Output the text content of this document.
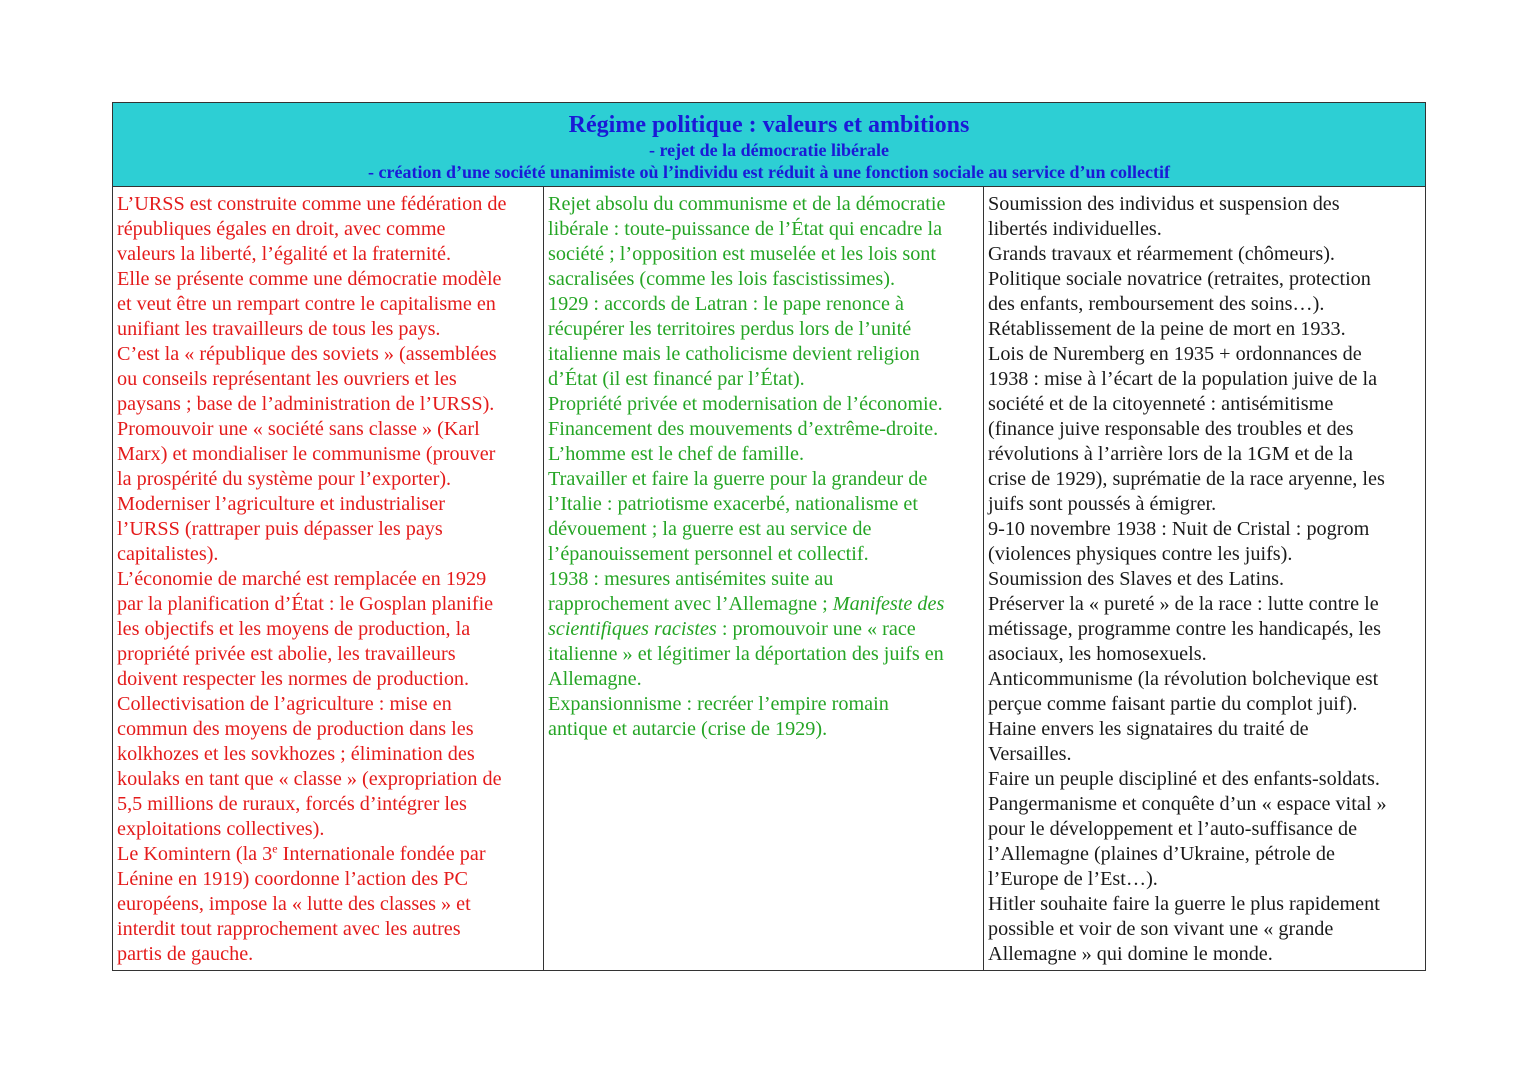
Régime politique : valeurs et ambitions
- rejet de la démocratie libérale
- création d’une société unanimiste où l’individu est réduit à une fonction sociale au service d’un collectif

L’URSS est construite comme une fédération de
républiques égales en droit, avec comme
valeurs la liberté, l’égalité et la fraternité.
Elle se présente comme une démocratie modèle
et veut être un rempart contre le capitalisme en
unifiant les travailleurs de tous les pays.
C’est la « république des soviets » (assemblées
ou conseils représentant les ouvriers et les
paysans ; base de l’administration de l’URSS).
Promouvoir une « société sans classe » (Karl
Marx) et mondialiser le communisme (prouver
la prospérité du système pour l’exporter).
Moderniser l’agriculture et industrialiser
l’URSS (rattraper puis dépasser les pays
capitalistes).
L’économie de marché est remplacée en 1929
par la planification d’État : le Gosplan planifie
les objectifs et les moyens de production, la
propriété privée est abolie, les travailleurs
doivent respecter les normes de production.
Collectivisation de l’agriculture : mise en
commun des moyens de production dans les
kolkhozes et les sovkhozes ; élimination des
koulaks en tant que « classe » (expropriation de
5,5 millions de ruraux, forcés d’intégrer les
exploitations collectives).
Le Komintern (la 3e Internationale fondée par
Lénine en 1919) coordonne l’action des PC
européens, impose la « lutte des classes » et
interdit tout rapprochement avec les autres
partis de gauche.

Rejet absolu du communisme et de la démocratie
libérale : toute-puissance de l’État qui encadre la
société ; l’opposition est muselée et les lois sont
sacralisées (comme les lois fascistissimes).
1929 : accords de Latran : le pape renonce à
récupérer les territoires perdus lors de l’unité
italienne mais le catholicisme devient religion
d’État (il est financé par l’État).
Propriété privée et modernisation de l’économie.
Financement des mouvements d’extrême-droite.
L’homme est le chef de famille.
Travailler et faire la guerre pour la grandeur de
l’Italie : patriotisme exacerbé, nationalisme et
dévouement ; la guerre est au service de
l’épanouissement personnel et collectif.
1938 : mesures antisémites suite au
rapprochement avec l’Allemagne ; Manifeste des
scientifiques racistes : promouvoir une « race
italienne » et légitimer la déportation des juifs en
Allemagne.
Expansionnisme : recréer l’empire romain
antique et autarcie (crise de 1929).

Soumission des individus et suspension des
libertés individuelles.
Grands travaux et réarmement (chômeurs).
Politique sociale novatrice (retraites, protection
des enfants, remboursement des soins…).
Rétablissement de la peine de mort en 1933.
Lois de Nuremberg en 1935 + ordonnances de
1938 : mise à l’écart de la population juive de la
société et de la citoyenneté : antisémitisme
(finance juive responsable des troubles et des
révolutions à l’arrière lors de la 1GM et de la
crise de 1929), suprématie de la race aryenne, les
juifs sont poussés à émigrer.
9-10 novembre 1938 : Nuit de Cristal : pogrom
(violences physiques contre les juifs).
Soumission des Slaves et des Latins.
Préserver la « pureté » de la race : lutte contre le
métissage, programme contre les handicapés, les
asociaux, les homosexuels.
Anticommunisme (la révolution bolchevique est
perçue comme faisant partie du complot juif).
Haine envers les signataires du traité de
Versailles.
Faire un peuple discipliné et des enfants-soldats.
Pangermanisme et conquête d’un « espace vital »
pour le développement et l’auto-suffisance de
l’Allemagne (plaines d’Ukraine, pétrole de
l’Europe de l’Est…).
Hitler souhaite faire la guerre le plus rapidement
possible et voir de son vivant une « grande
Allemagne » qui domine le monde.
